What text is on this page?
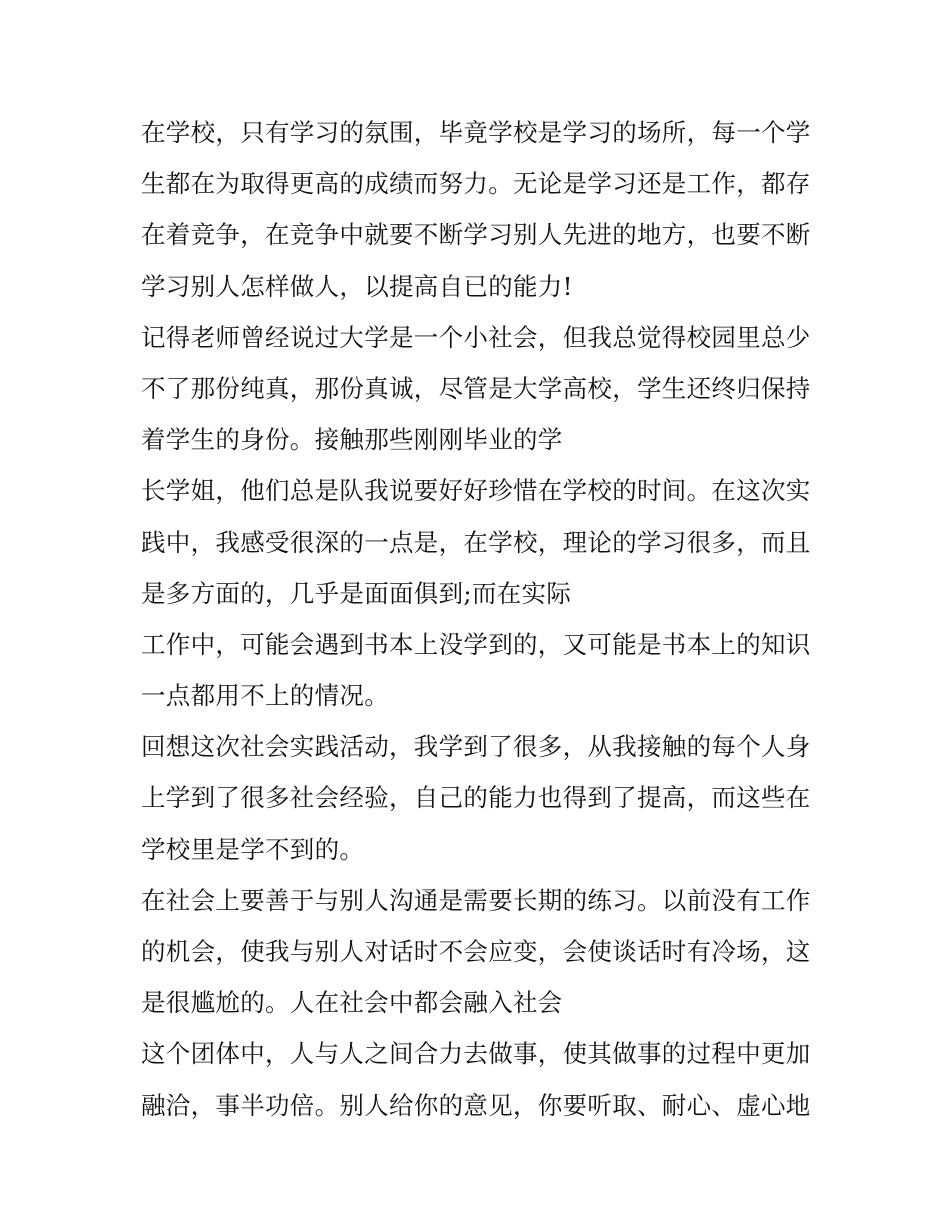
在学校，只有学习的氛围，毕竟学校是学习的场所，每一个学
生都在为取得更高的成绩而努力。无论是学习还是工作，都存
在着竞争，在竞争中就要不断学习别人先进的地方，也要不断
学习别人怎样做人，以提高自已的能力!
记得老师曾经说过大学是一个小社会，但我总觉得校园里总少
不了那份纯真，那份真诚，尽管是大学高校，学生还终归保持
着学生的身份。接触那些刚刚毕业的学
长学姐，他们总是队我说要好好珍惜在学校的时间。在这次实
践中，我感受很深的一点是，在学校，理论的学习很多，而且
是多方面的，几乎是面面俱到;而在实际
工作中，可能会遇到书本上没学到的，又可能是书本上的知识
一点都用不上的情况。
回想这次社会实践活动，我学到了很多，从我接触的每个人身
上学到了很多社会经验，自己的能力也得到了提高，而这些在
学校里是学不到的。
在社会上要善于与别人沟通是需要长期的练习。以前没有工作
的机会，使我与别人对话时不会应变，会使谈话时有冷场，这
是很尴尬的。人在社会中都会融入社会
这个团体中，人与人之间合力去做事，使其做事的过程中更加
融洽，事半功倍。别人给你的意见，你要听取、耐心、虚心地
